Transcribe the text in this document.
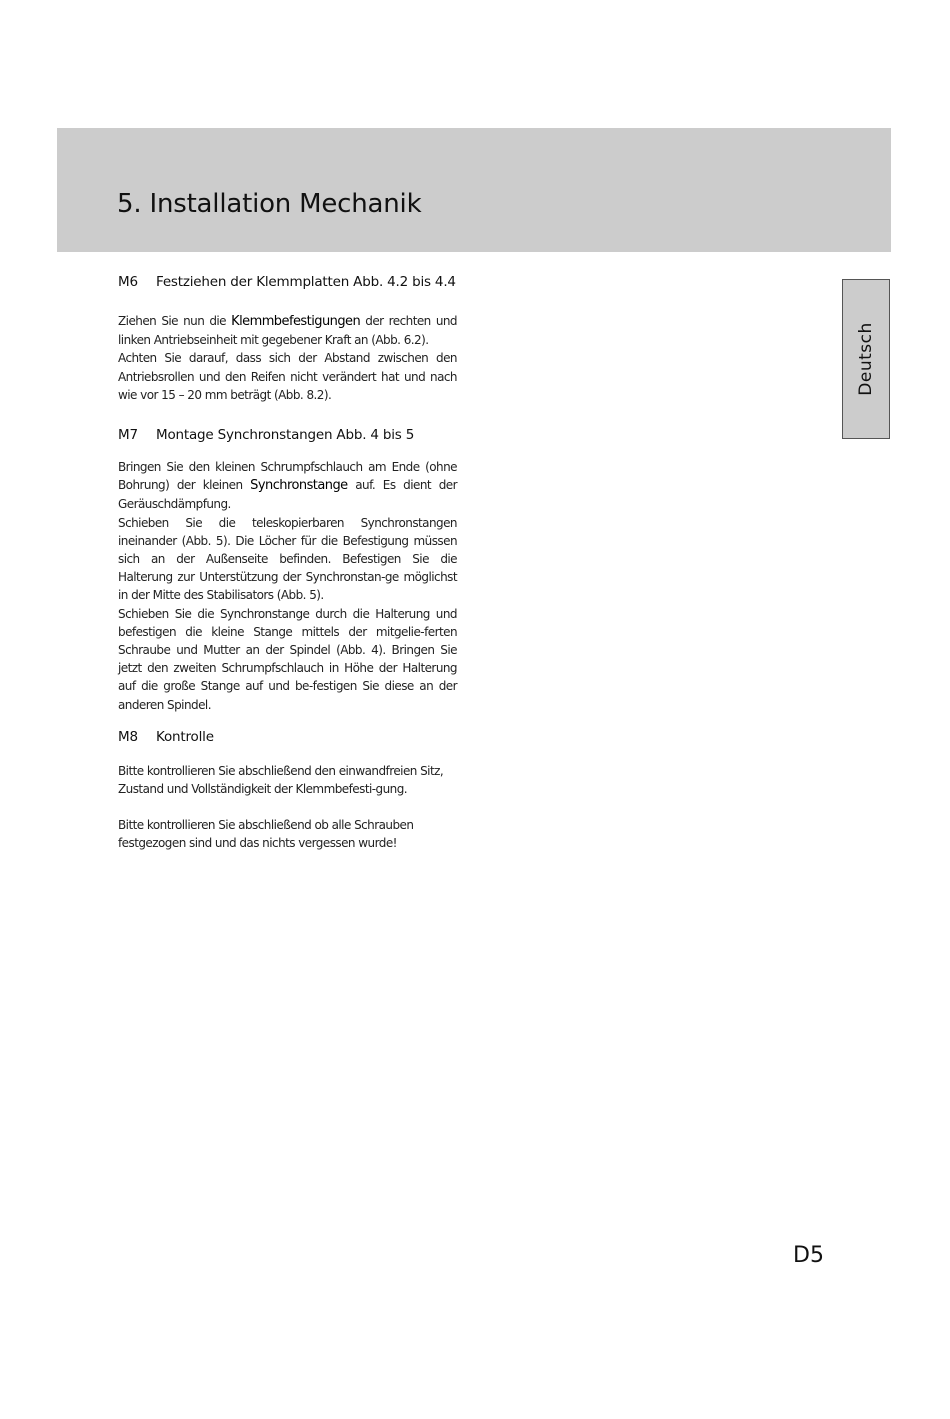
5. Installation Mechanik
Deutsch
M6 Festziehen der Klemmplatten Abb. 4.2 bis 4.4

Ziehen Sie nun die Klemmbefestigungen der rechten und linken Antriebseinheit mit gegebener Kraft an (Abb. 6.2).

Achten Sie darauf, dass sich der Abstand zwischen den Antriebsrollen und den Reifen nicht verändert hat und nach wie vor 15 – 20 mm beträgt (Abb. 8.2).

M7 Montage Synchronstangen Abb. 4 bis 5

Bringen Sie den kleinen Schrumpfschlauch am Ende (ohne Bohrung) der kleinen Synchronstange auf. Es dient der Geräuschdämpfung.

Schieben Sie die teleskopierbaren Synchronstangen ineinander (Abb. 5). Die Löcher für die Befestigung müssen sich an der Außenseite befinden. Befestigen Sie die Halterung zur Unterstützung der Synchronstan-ge möglichst in der Mitte des Stabilisators (Abb. 5).

Schieben Sie die Synchronstange durch die Halterung und befestigen die kleine Stange mittels der mitgelie-ferten Schraube und Mutter an der Spindel (Abb. 4). Bringen Sie jetzt den zweiten Schrumpfschlauch in Höhe der Halterung auf die große Stange auf und be-festigen Sie diese an der anderen Spindel.

M8 Kontrolle

Bitte kontrollieren Sie abschließend den einwandfreien Sitz, Zustand und Vollständigkeit der Klemmbefesti-gung.

Bitte kontrollieren Sie abschließend ob alle Schrauben festgezogen sind und das nichts vergessen wurde!

D5
